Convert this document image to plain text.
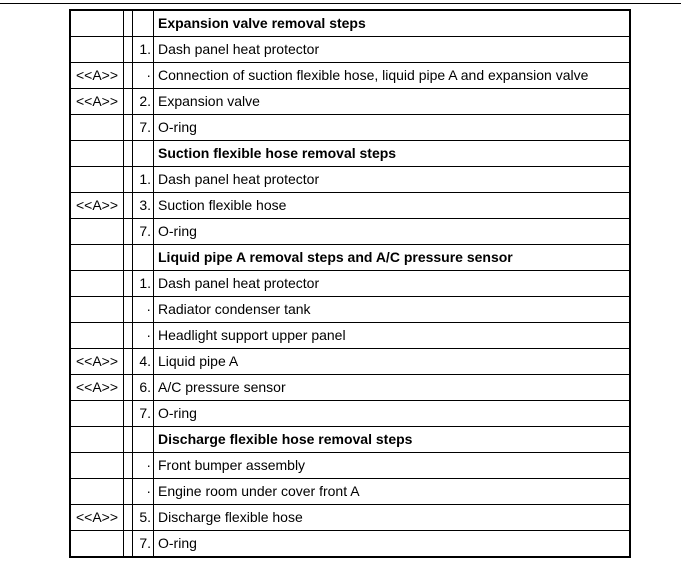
			Expansion valve removal steps
		1.	Dash panel heat protector
<<A>>		·	Connection of suction flexible hose, liquid pipe A and expansion valve
<<A>>		2.	Expansion valve
		7.	O-ring
			Suction flexible hose removal steps
		1.	Dash panel heat protector
<<A>>		3.	Suction flexible hose
		7.	O-ring
			Liquid pipe A removal steps and A/C pressure sensor
		1.	Dash panel heat protector
		·	Radiator condenser tank
		·	Headlight support upper panel
<<A>>		4.	Liquid pipe A
<<A>>		6.	A/C pressure sensor
		7.	O-ring
			Discharge flexible hose removal steps
		·	Front bumper assembly
		·	Engine room under cover front A
<<A>>		5.	Discharge flexible hose
		7.	O-ring
